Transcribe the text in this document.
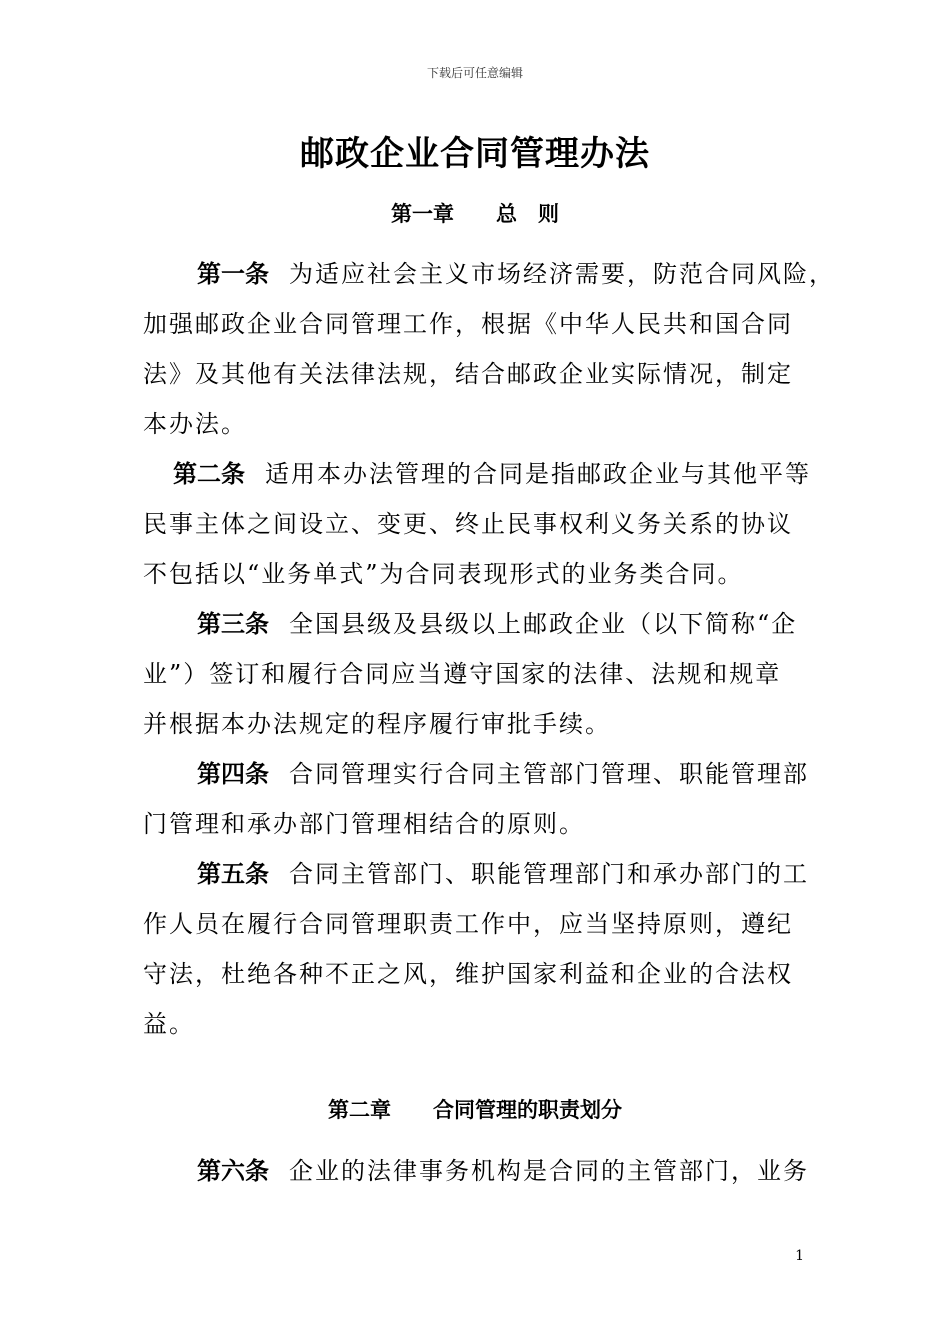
下载后可任意编辑
邮政企业合同管理办法
第一章　　 总　则
第一条 为适应社会主义市场经济需要，防范合同风险，
加强邮政企业合同管理工作，根据《中华人民共和国合同
法》及其他有关法律法规，结合邮政企业实际情况，制定
本办法。
第二条 适用本办法管理的合同是指邮政企业与其他平等
民事主体之间设立、变更、终止民事权利义务关系的协议
不包括以“业务单式”为合同表现形式的业务类合同。
第三条 全国县级及县级以上邮政企业（以下简称“企
业”）签订和履行合同应当遵守国家的法律、法规和规章
并根据本办法规定的程序履行审批手续。
第四条 合同管理实行合同主管部门管理、职能管理部
门管理和承办部门管理相结合的原则。
第五条 合同主管部门、职能管理部门和承办部门的工
作人员在履行合同管理职责工作中，应当坚持原则，遵纪
守法，杜绝各种不正之风，维护国家利益和企业的合法权
益。
第二章　　 合同管理的职责划分
第六条 企业的法律事务机构是合同的主管部门，业务
1
